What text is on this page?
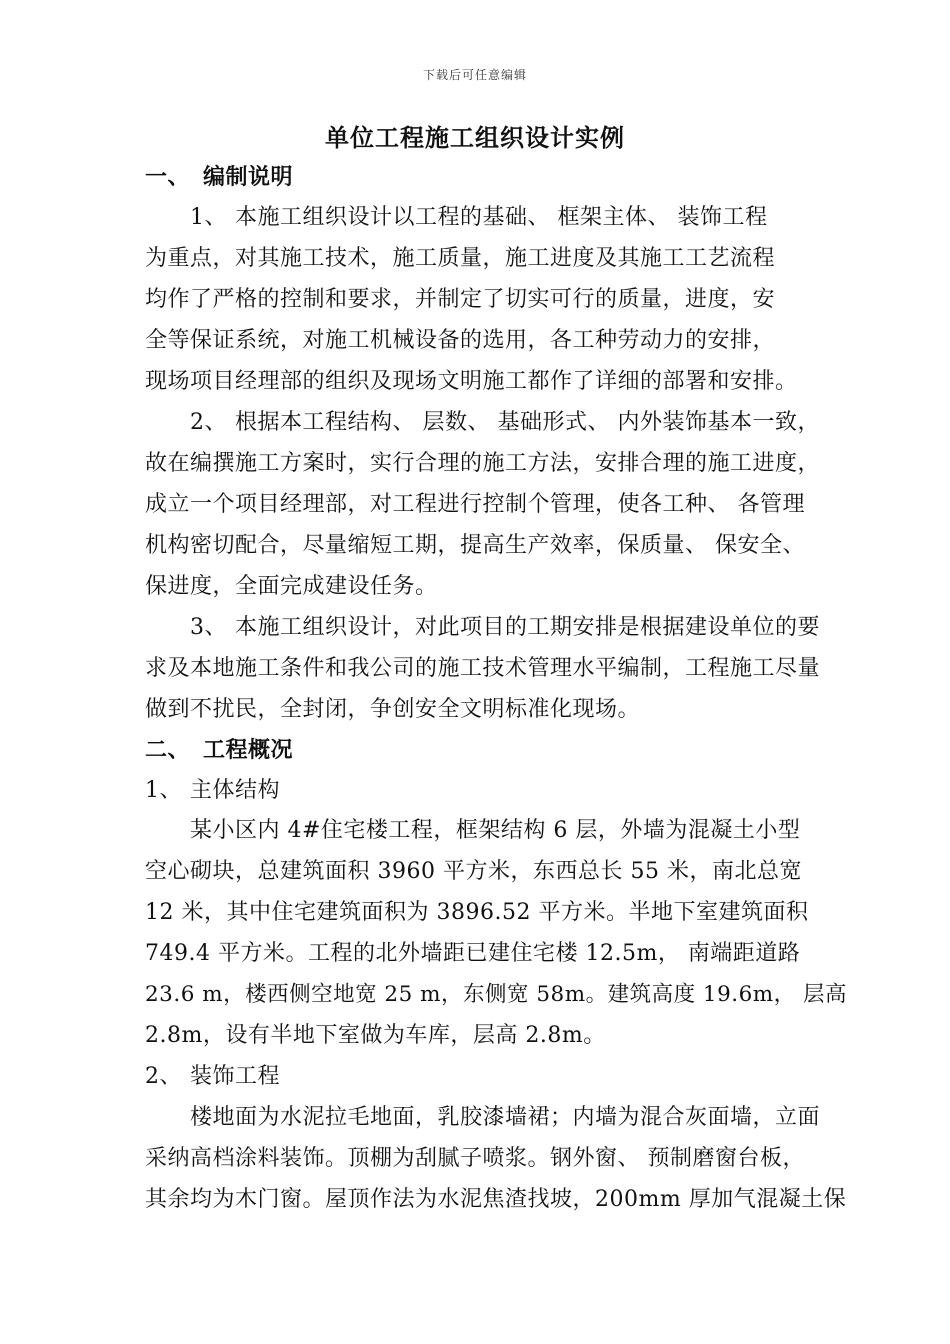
下载后可任意编辑
单位工程施工组织设计实例
一、 编制说明
1、 本施工组织设计以工程的基础、 框架主体、 装饰工程
为重点，对其施工技术，施工质量，施工进度及其施工工艺流程
均作了严格的控制和要求，并制定了切实可行的质量，进度，安
全等保证系统，对施工机械设备的选用，各工种劳动力的安排，
现场项目经理部的组织及现场文明施工都作了详细的部署和安排。
2、 根据本工程结构、 层数、 基础形式、 内外装饰基本一致，
故在编撰施工方案时，实行合理的施工方法，安排合理的施工进度，
成立一个项目经理部，对工程进行控制个管理，使各工种、 各管理
机构密切配合，尽量缩短工期，提高生产效率，保质量、 保安全、
保进度，全面完成建设任务。
3、 本施工组织设计，对此项目的工期安排是根据建设单位的要
求及本地施工条件和我公司的施工技术管理水平编制，工程施工尽量
做到不扰民，全封闭，争创安全文明标准化现场。
二、 工程概况
1、 主体结构
某小区内 4#住宅楼工程，框架结构 6 层，外墙为混凝土小型
空心砌块，总建筑面积 3960 平方米，东西总长 55 米，南北总宽
12 米，其中住宅建筑面积为 3896.52 平方米。半地下室建筑面积
749.4 平方米。工程的北外墙距已建住宅楼 12.5m， 南端距道路
23.6 m，楼西侧空地宽 25 m，东侧宽 58m。建筑高度 19.6m， 层高
2.8m，设有半地下室做为车库，层高 2.8m。
2、 装饰工程
楼地面为水泥拉毛地面，乳胶漆墙裙；内墙为混合灰面墙，立面
采纳高档涂料装饰。顶棚为刮腻子喷浆。钢外窗、 预制磨窗台板，
其余均为木门窗。屋顶作法为水泥焦渣找坡，200mm 厚加气混凝土保
